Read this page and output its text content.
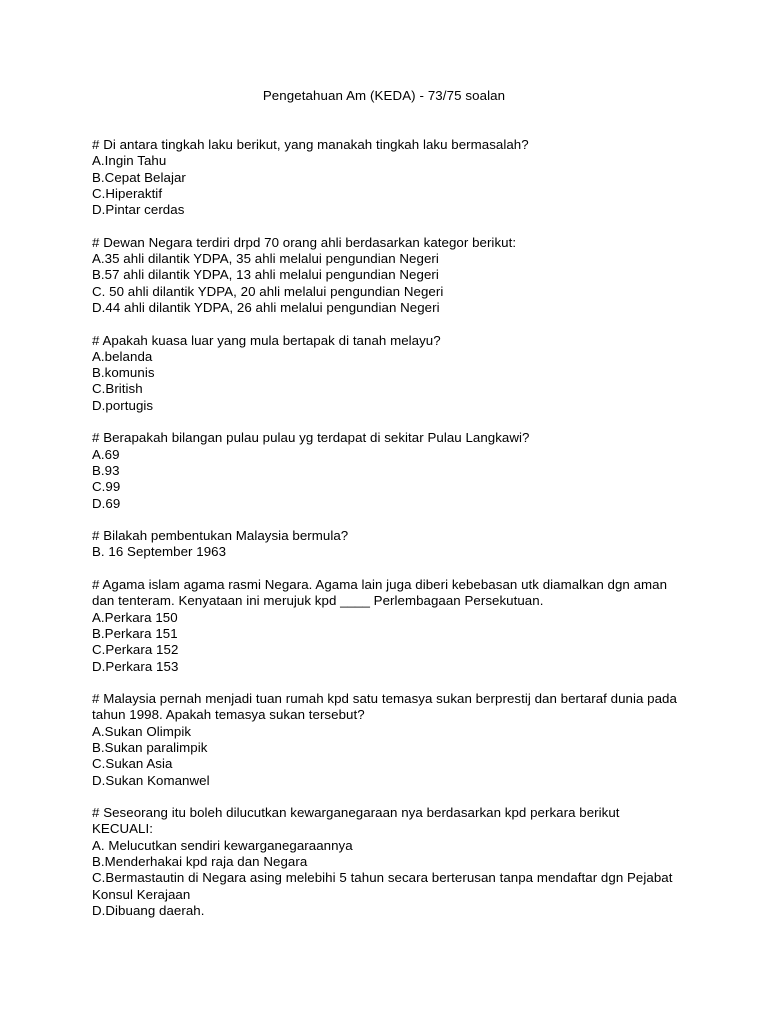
Pengetahuan Am (KEDA) - 73/75 soalan
# Di antara tingkah laku berikut, yang manakah tingkah laku bermasalah?
A.Ingin Tahu
B.Cepat Belajar
C.Hiperaktif
D.Pintar cerdas
# Dewan Negara terdiri drpd 70 orang ahli berdasarkan kategor berikut:
A.35 ahli dilantik YDPA, 35 ahli melalui pengundian Negeri
B.57 ahli dilantik YDPA, 13 ahli melalui pengundian Negeri
C. 50 ahli dilantik YDPA, 20 ahli melalui pengundian Negeri
D.44 ahli dilantik YDPA, 26 ahli melalui pengundian Negeri
# Apakah kuasa luar yang mula bertapak di tanah melayu?
A.belanda
B.komunis
C.British
D.portugis
# Berapakah bilangan pulau pulau yg terdapat di sekitar Pulau Langkawi?
A.69
B.93
C.99
D.69
# Bilakah pembentukan Malaysia bermula?
B. 16 September 1963
# Agama islam agama rasmi Negara. Agama lain juga diberi kebebasan utk diamalkan dgn aman dan tenteram. Kenyataan ini merujuk kpd ____ Perlembagaan Persekutuan.
A.Perkara 150
B.Perkara 151
C.Perkara 152
D.Perkara 153
# Malaysia pernah menjadi tuan rumah kpd satu temasya sukan berprestij dan bertaraf dunia pada tahun 1998. Apakah temasya sukan tersebut?
A.Sukan Olimpik
B.Sukan paralimpik
C.Sukan Asia
D.Sukan Komanwel
# Seseorang itu boleh dilucutkan kewarganegaraan nya berdasarkan kpd perkara berikut KECUALI:
A. Melucutkan sendiri kewarganegaraannya
B.Menderhakai kpd raja dan Negara
C.Bermastautin di Negara asing melebihi 5 tahun secara berterusan tanpa mendaftar dgn Pejabat Konsul Kerajaan
D.Dibuang daerah.
